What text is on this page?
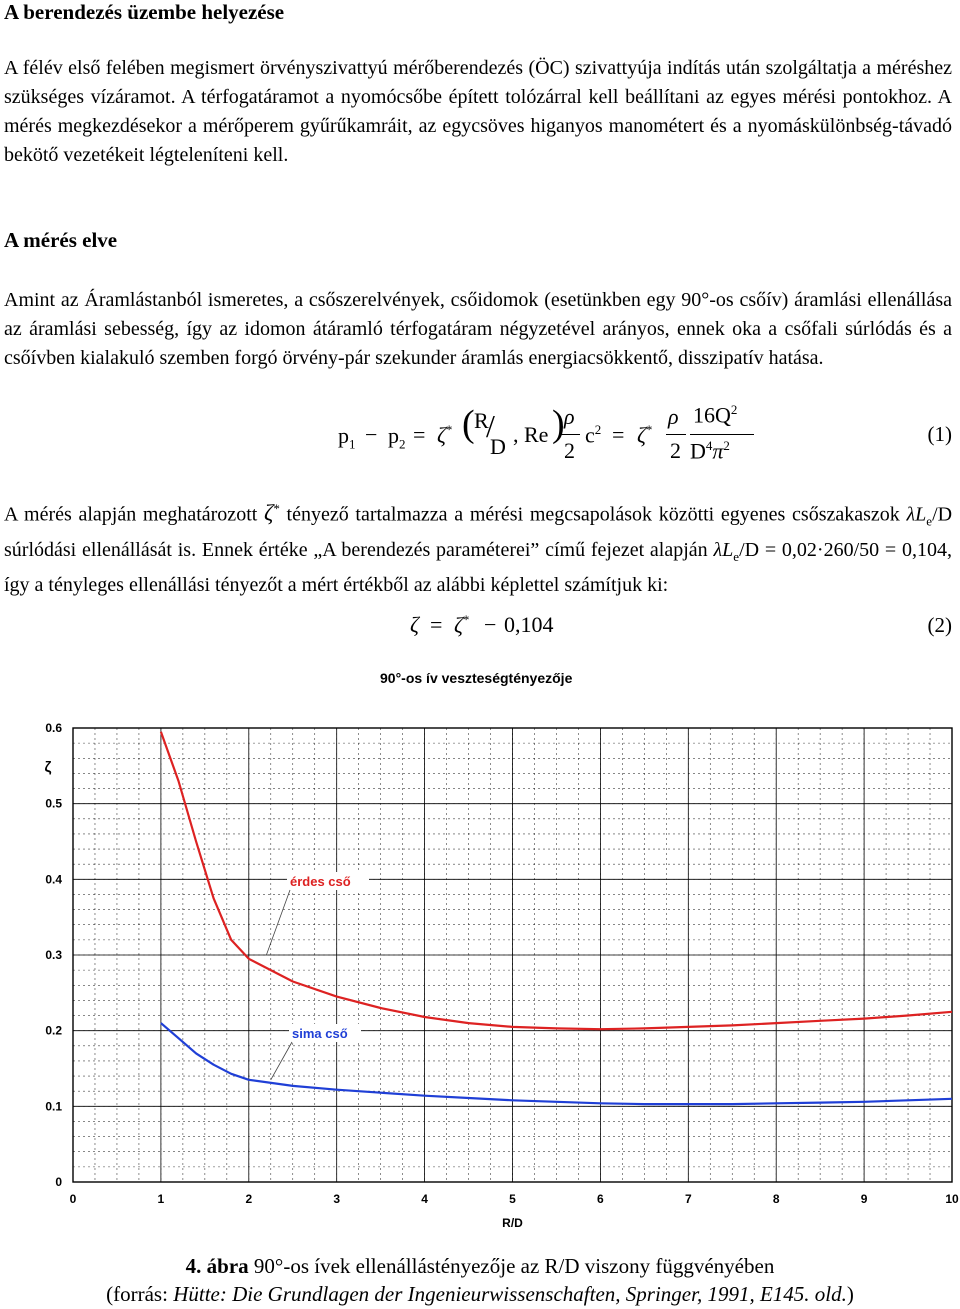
A berendezés üzembe helyezése
A félév első felében megismert örvényszivattyú mérőberendezés (ÖC) szivattyúja indítás után szolgáltatja a méréshez szükséges vízáramot. A térfogatáramot a nyomócsőbe épített tolózárral kell beállítani az egyes mérési pontokhoz. A mérés megkezdésekor a mérőperem gyűrűkamráit, az egycsöves higanyos manométert és a nyomáskülönbség-távadó bekötő vezetékeit légteleníteni kell.
A mérés elve
Amint az Áramlástanból ismeretes, a csőszerelvények, csőidomok (esetünkben egy 90°-os csőív) áramlási ellenállása az áramlási sebesség, így az idomon átáramló térfogatáram négyzetével arányos, ennek oka a csőfali súrlódás és a csőívben kialakuló szemben forgó örvény-pár szekunder áramlás energiacsökkentő, disszipatív hatása.
$p_1 - p_2 = \zeta^*$ ( R
/
D , Re ) ρ
2
$c^2 = \zeta^*$
ρ
2
$16Q^2$
$D^4\pi^2$	(1)
A mérés alapján meghatározott ζ* tényező tartalmazza a mérési megcsapolások közötti egyenes csőszakaszok $\lambda L_e/D$ súrlódási ellenállását is. Ennek értéke „A berendezés paraméterei” című fejezet alapján $\lambda L_e/D = 0,02\cdot 260/50 = 0,104$, így a tényleges ellenállási tényezőt a mért értékből az alábbi képlettel számítjuk ki:
ζ = ζ* − 0,104	(2)
90°-os ív veszteségtényezője
0	1	2	3	4	5	6	7	8	9	10
0
0.1
0.2
0.3
0.4
0.5
0.6
R/D
ζ
érdes cső
sima cső
4. ábra 90°-os ívek ellenállástényezője az R/D viszony függvényében
(forrás: Hütte: Die Grundlagen der Ingenieurwissenschaften, Springer, 1991, E145. old.)
